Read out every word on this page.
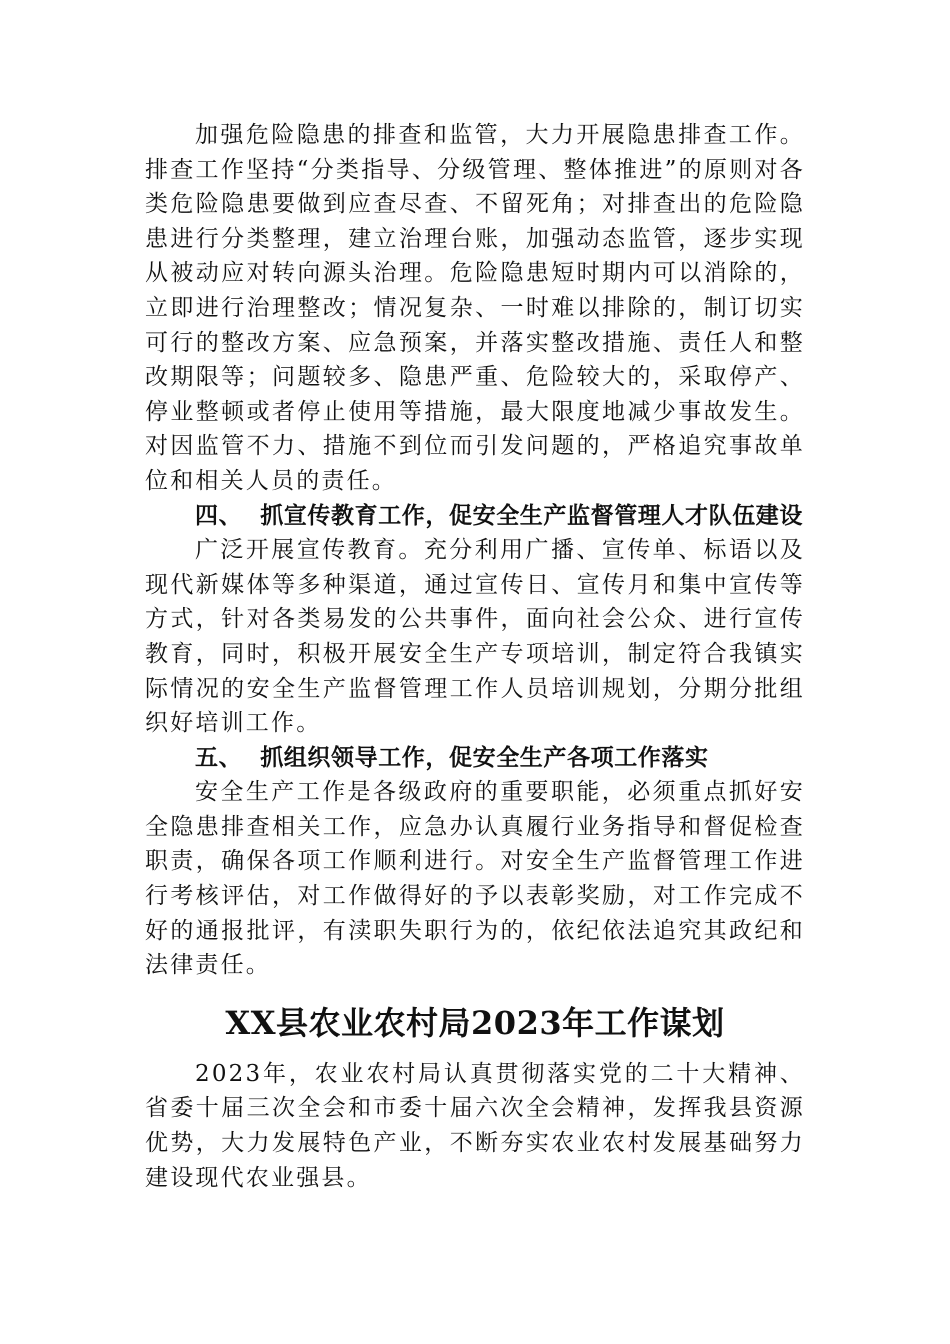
加强危险隐患的排查和监管，大力开展隐患排查工作。排查工作坚持“分类指导、分级管理、整体推进”的原则对各类危险隐患要做到应查尽查、不留死角；对排查出的危险隐患进行分类整理，建立治理台账，加强动态监管，逐步实现从被动应对转向源头治理。危险隐患短时期内可以消除的，立即进行治理整改；情况复杂、一时难以排除的，制订切实可行的整改方案、应急预案，并落实整改措施、责任人和整改期限等；问题较多、隐患严重、危险较大的，采取停产、停业整顿或者停止使用等措施，最大限度地减少事故发生。对因监管不力、措施不到位而引发问题的，严格追究事故单位和相关人员的责任。

四、 抓宣传教育工作，促安全生产监督管理人才队伍建设

广泛开展宣传教育。充分利用广播、宣传单、标语以及现代新媒体等多种渠道，通过宣传日、宣传月和集中宣传等方式，针对各类易发的公共事件，面向社会公众、进行宣传教育，同时，积极开展安全生产专项培训，制定符合我镇实际情况的安全生产监督管理工作人员培训规划，分期分批组织好培训工作。

五、 抓组织领导工作，促安全生产各项工作落实

安全生产工作是各级政府的重要职能，必须重点抓好安全隐患排查相关工作，应急办认真履行业务指导和督促检查职责，确保各项工作顺利进行。对安全生产监督管理工作进行考核评估，对工作做得好的予以表彰奖励，对工作完成不好的通报批评，有渎职失职行为的，依纪依法追究其政纪和法律责任。

XX县农业农村局2023年工作谋划

2023年，农业农村局认真贯彻落实党的二十大精神、省委十届三次全会和市委十届六次全会精神，发挥我县资源优势，大力发展特色产业，不断夯实农业农村发展基础努力建设现代农业强县。
